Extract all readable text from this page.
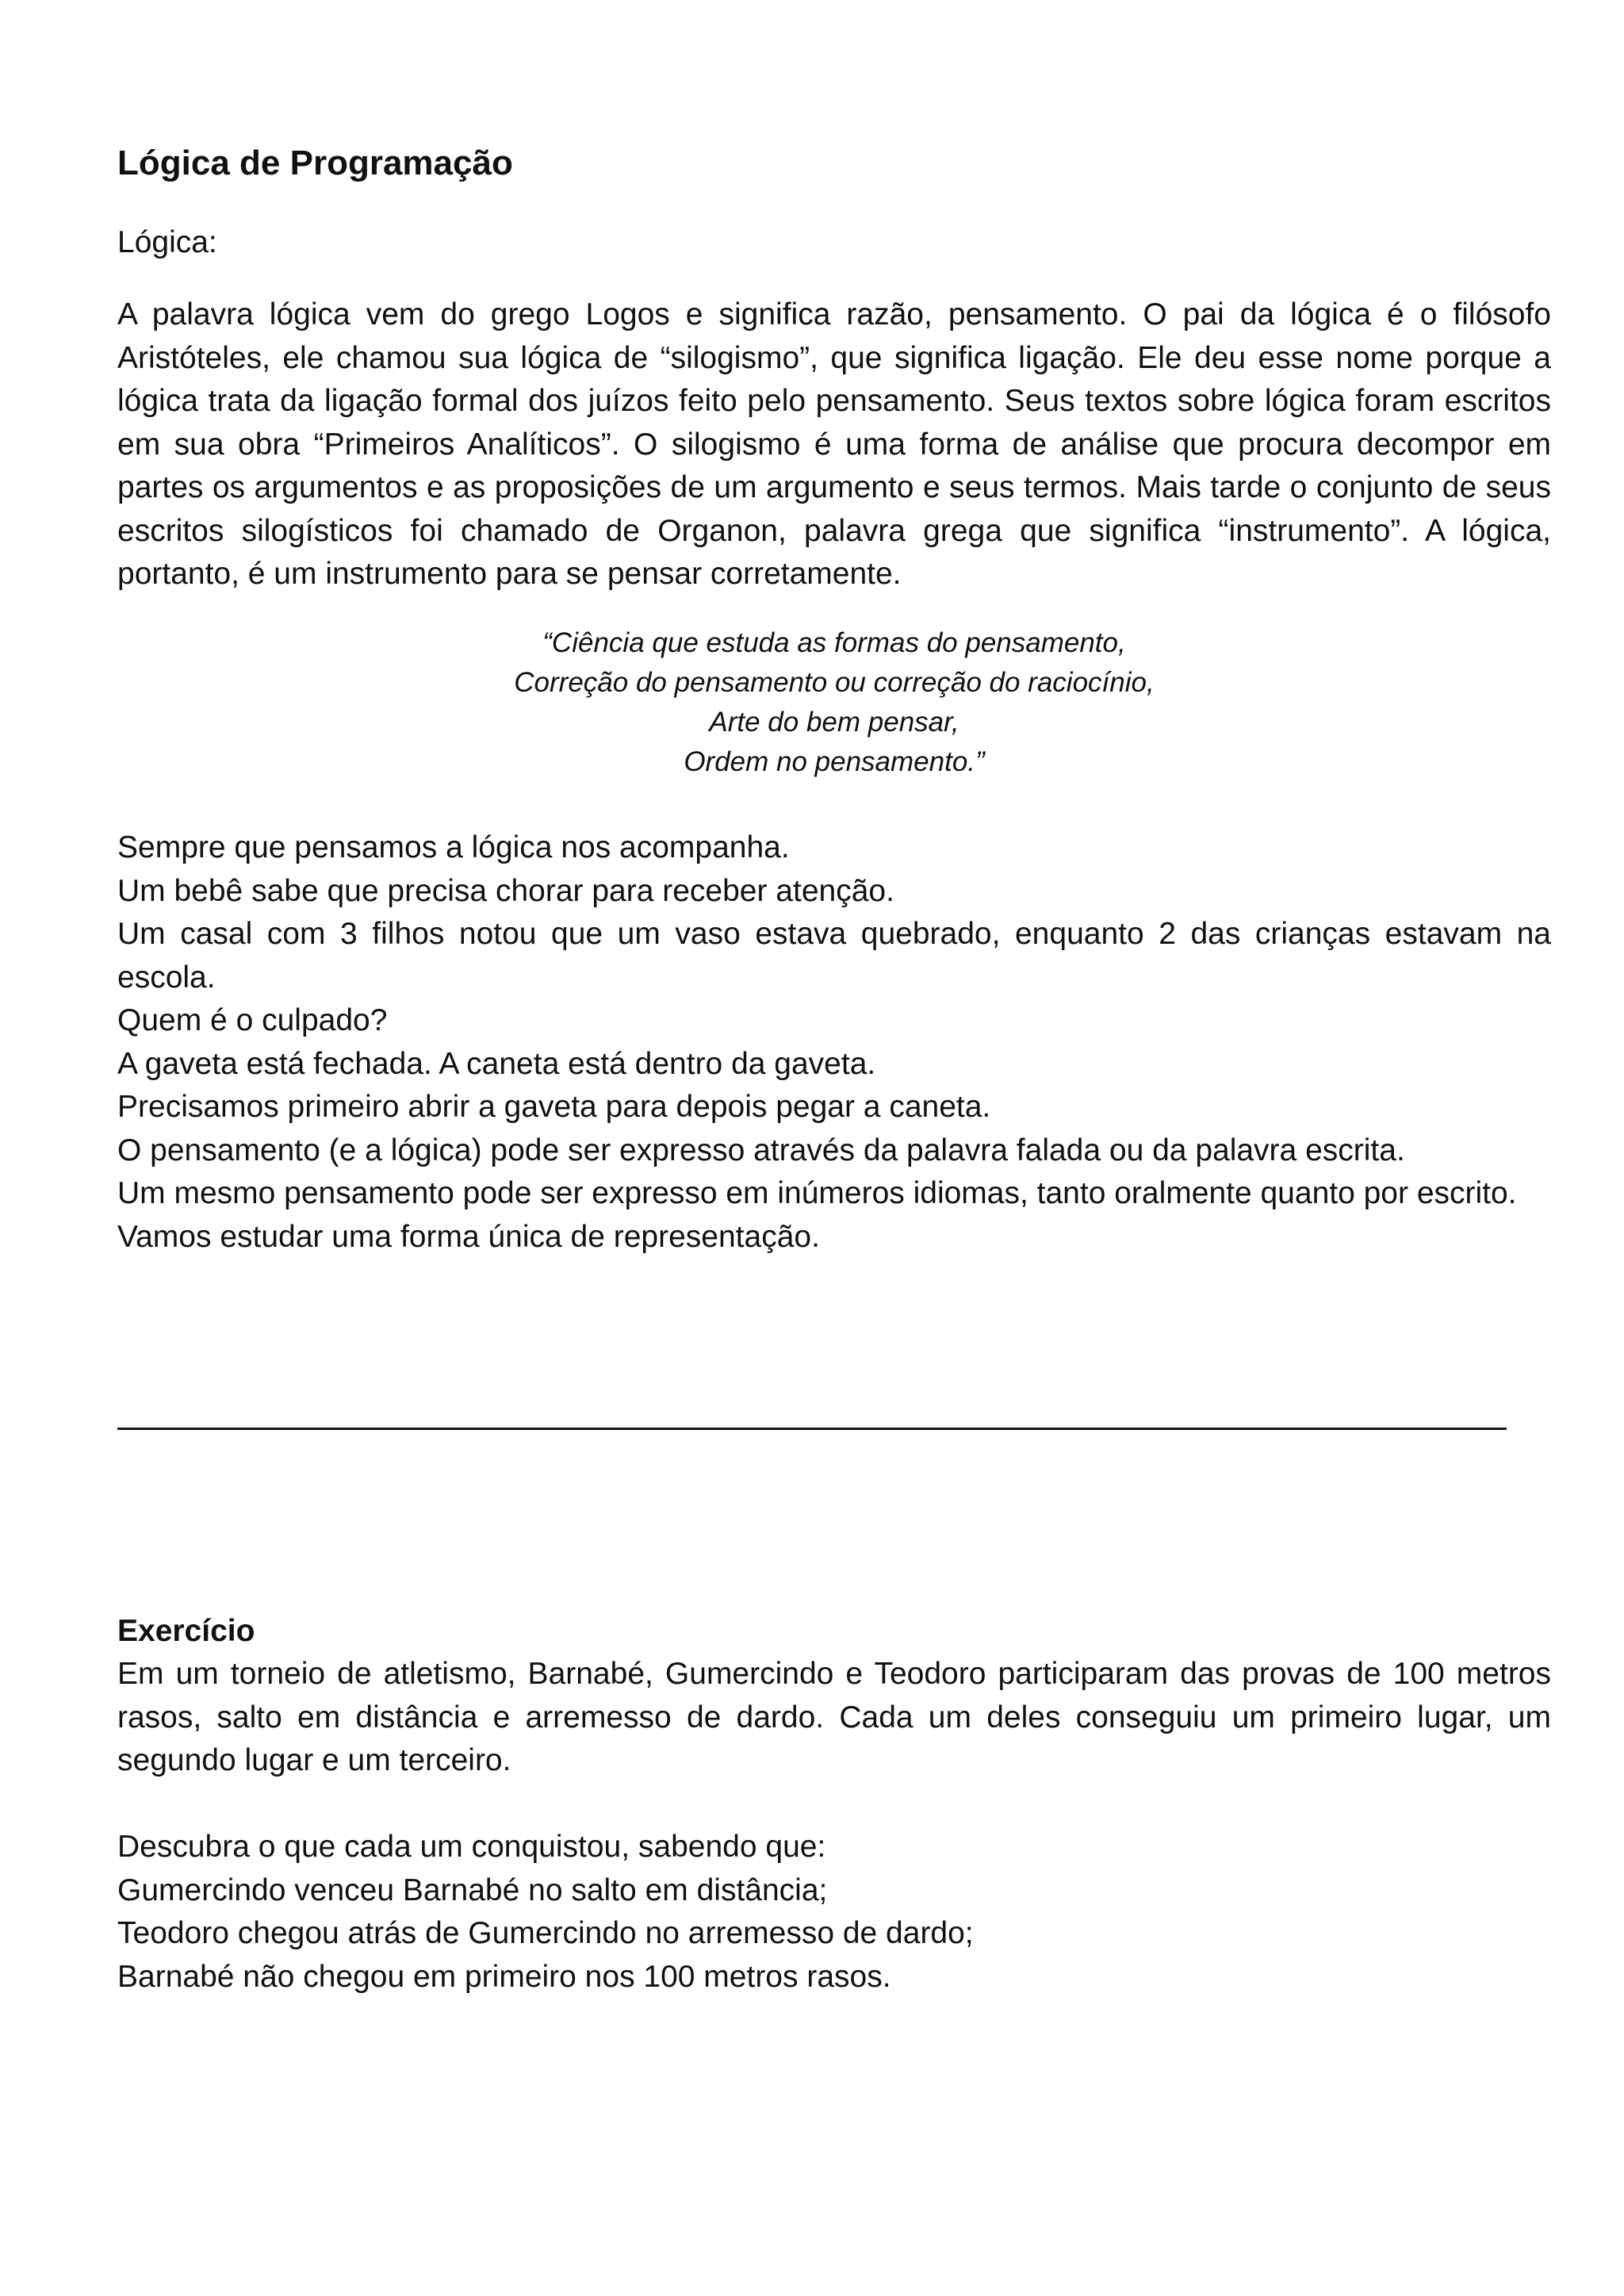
Lógica de Programação

Lógica:

A palavra lógica vem do grego Logos e significa razão, pensamento. O pai da lógica é o filósofo Aristóteles, ele chamou sua lógica de “silogismo”, que significa ligação. Ele deu esse nome porque a lógica trata da ligação formal dos juízos feito pelo pensamento. Seus textos sobre lógica foram escritos em sua obra “Primeiros Analíticos”. O silogismo é uma forma de análise que procura decompor em partes os argumentos e as proposições de um argumento e seus termos. Mais tarde o conjunto de seus escritos silogísticos foi chamado de Organon, palavra grega que significa “instrumento”. A lógica, portanto, é um instrumento para se pensar corretamente.

“Ciência que estuda as formas do pensamento,
Correção do pensamento ou correção do raciocínio,
Arte do bem pensar,
Ordem no pensamento.”

Sempre que pensamos a lógica nos acompanha.

Um bebê sabe que precisa chorar para receber atenção.

Um casal com 3 filhos notou que um vaso estava quebrado, enquanto 2 das crianças estavam na escola.

Quem é o culpado?

A gaveta está fechada. A caneta está dentro da gaveta.

Precisamos primeiro abrir a gaveta para depois pegar a caneta.

O pensamento (e a lógica) pode ser expresso através da palavra falada ou da palavra escrita.

Um mesmo pensamento pode ser expresso em inúmeros idiomas, tanto oralmente quanto por escrito.

Vamos estudar uma forma única de representação.

Exercício

Em um torneio de atletismo, Barnabé, Gumercindo e Teodoro participaram das provas de 100 metros rasos, salto em distância e arremesso de dardo. Cada um deles conseguiu um primeiro lugar, um segundo lugar e um terceiro.

Descubra o que cada um conquistou, sabendo que:

Gumercindo venceu Barnabé no salto em distância;

Teodoro chegou atrás de Gumercindo no arremesso de dardo;

Barnabé não chegou em primeiro nos 100 metros rasos.
